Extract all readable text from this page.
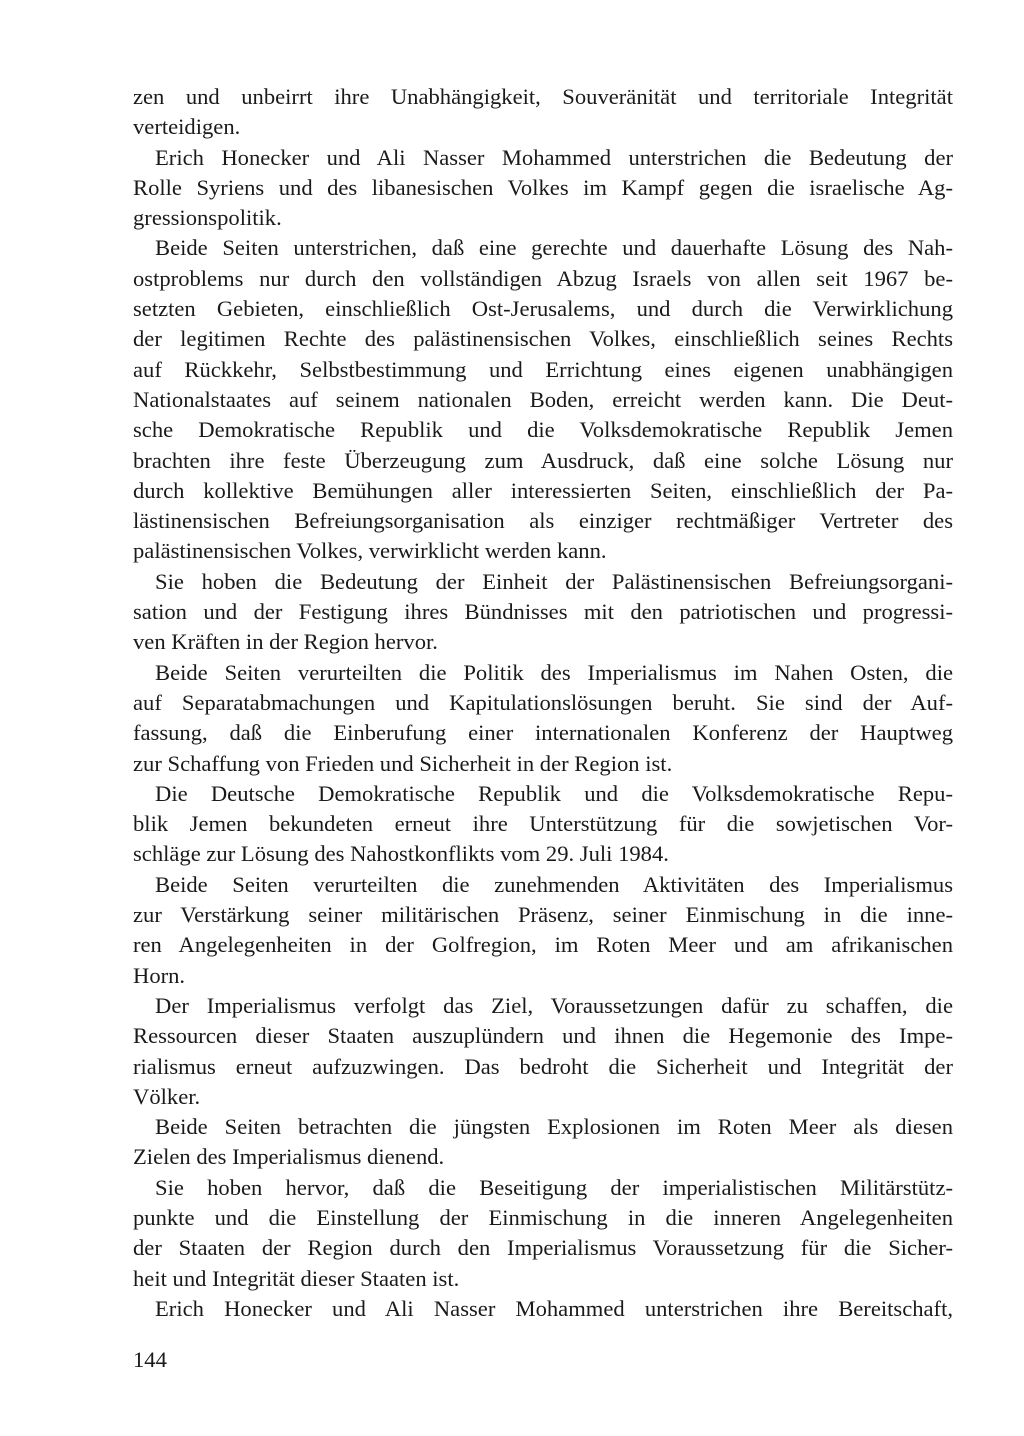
zen und unbeirrt ihre Unabhängigkeit, Souveränität und territoriale Integrität
verteidigen.
Erich Honecker und Ali Nasser Mohammed unterstrichen die Bedeutung der
Rolle Syriens und des libanesischen Volkes im Kampf gegen die israelische Ag-
gressionspolitik.
Beide Seiten unterstrichen, daß eine gerechte und dauerhafte Lösung des Nah-
ostproblems nur durch den vollständigen Abzug Israels von allen seit 1967 be-
setzten Gebieten, einschließlich Ost-Jerusalems, und durch die Verwirklichung
der legitimen Rechte des palästinensischen Volkes, einschließlich seines Rechts
auf Rückkehr, Selbstbestimmung und Errichtung eines eigenen unabhängigen
Nationalstaates auf seinem nationalen Boden, erreicht werden kann. Die Deut-
sche Demokratische Republik und die Volksdemokratische Republik Jemen
brachten ihre feste Überzeugung zum Ausdruck, daß eine solche Lösung nur
durch kollektive Bemühungen aller interessierten Seiten, einschließlich der Pa-
lästinensischen Befreiungsorganisation als einziger rechtmäßiger Vertreter des
palästinensischen Volkes, verwirklicht werden kann.
Sie hoben die Bedeutung der Einheit der Palästinensischen Befreiungsorgani-
sation und der Festigung ihres Bündnisses mit den patriotischen und progressi-
ven Kräften in der Region hervor.
Beide Seiten verurteilten die Politik des Imperialismus im Nahen Osten, die
auf Separatabmachungen und Kapitulationslösungen beruht. Sie sind der Auf-
fassung, daß die Einberufung einer internationalen Konferenz der Hauptweg
zur Schaffung von Frieden und Sicherheit in der Region ist.
Die Deutsche Demokratische Republik und die Volksdemokratische Repu-
blik Jemen bekundeten erneut ihre Unterstützung für die sowjetischen Vor-
schläge zur Lösung des Nahostkonflikts vom 29. Juli 1984.
Beide Seiten verurteilten die zunehmenden Aktivitäten des Imperialismus
zur Verstärkung seiner militärischen Präsenz, seiner Einmischung in die inne-
ren Angelegenheiten in der Golfregion, im Roten Meer und am afrikanischen
Horn.
Der Imperialismus verfolgt das Ziel, Voraussetzungen dafür zu schaffen, die
Ressourcen dieser Staaten auszuplündern und ihnen die Hegemonie des Impe-
rialismus erneut aufzuzwingen. Das bedroht die Sicherheit und Integrität der
Völker.
Beide Seiten betrachten die jüngsten Explosionen im Roten Meer als diesen
Zielen des Imperialismus dienend.
Sie hoben hervor, daß die Beseitigung der imperialistischen Militärstütz-
punkte und die Einstellung der Einmischung in die inneren Angelegenheiten
der Staaten der Region durch den Imperialismus Voraussetzung für die Sicher-
heit und Integrität dieser Staaten ist.
Erich Honecker und Ali Nasser Mohammed unterstrichen ihre Bereitschaft,
144
